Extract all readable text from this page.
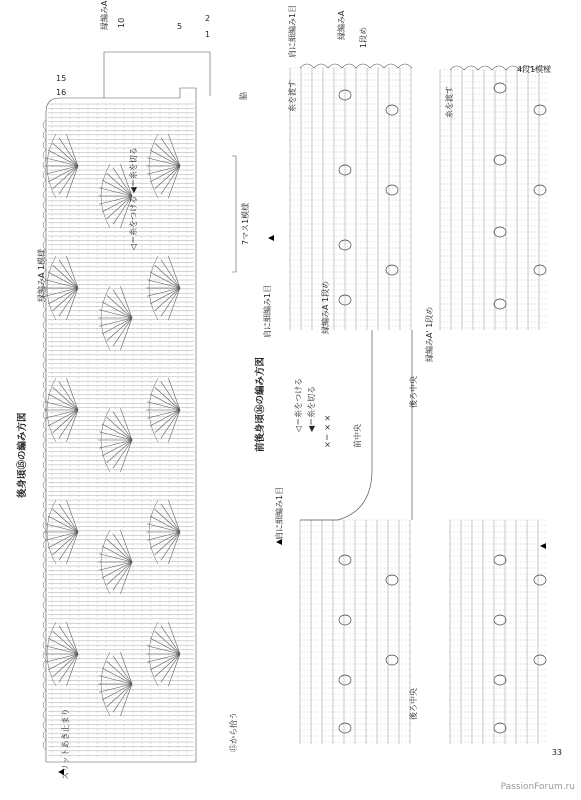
後身頃⑮の編み方図
◁＝糸をつける ◀＝糸を切る
縁編みA 1模様
7マス1模様
脇
⑮から拾う
スリットあき止まり
16
15
5
2
1
縁編みA 10
前後身頃⑯の編み方図	◁＝糸をつける ◀＝糸を切る ×＝ × ×	前中央
後ろ中央
後ろ中央
肩に細編み1目
肩に細編み1目
肩に細編み1目
糸を渡す	糸を渡す
縁編みA 1段め	縁編みA' 1段め
縁編みA 1段め
4段1模様
33
PassionForum.ru
